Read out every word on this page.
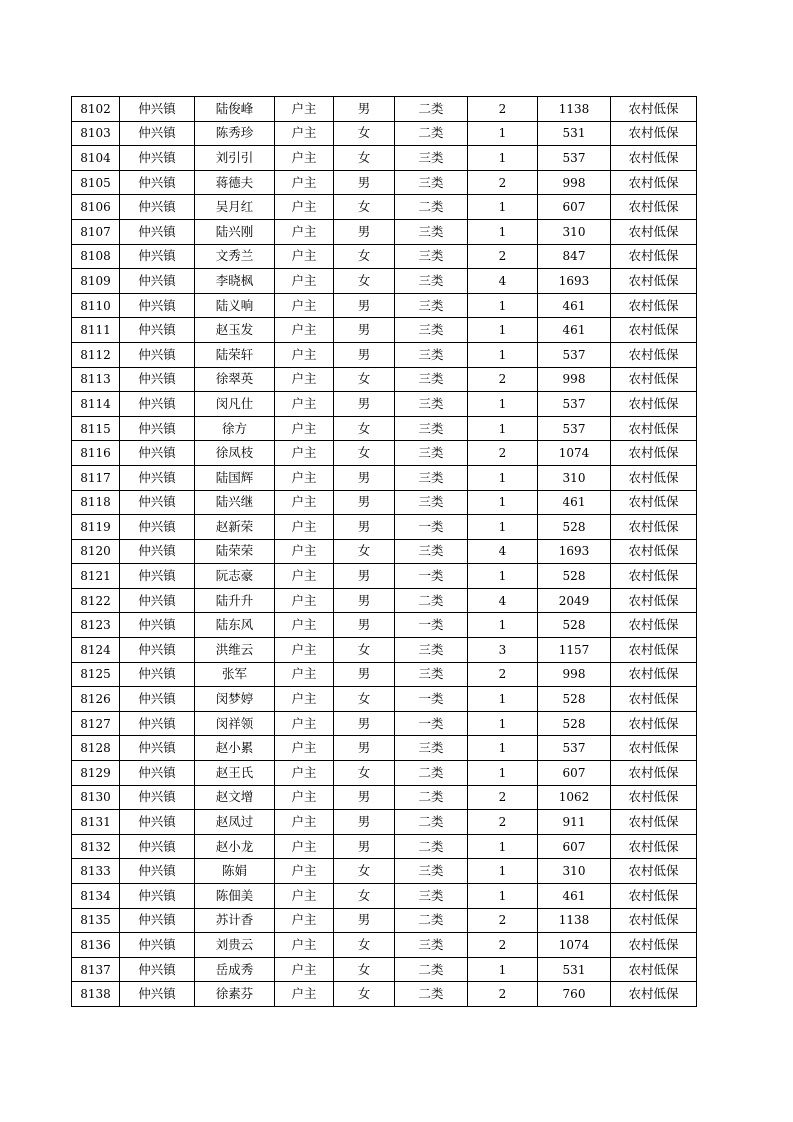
8102	仲兴镇	陆俊峰	户主	男	二类	2	1138	农村低保
8103	仲兴镇	陈秀珍	户主	女	二类	1	531	农村低保
8104	仲兴镇	刘引引	户主	女	三类	1	537	农村低保
8105	仲兴镇	蒋德夫	户主	男	三类	2	998	农村低保
8106	仲兴镇	吴月红	户主	女	二类	1	607	农村低保
8107	仲兴镇	陆兴刚	户主	男	三类	1	310	农村低保
8108	仲兴镇	文秀兰	户主	女	三类	2	847	农村低保
8109	仲兴镇	李晓枫	户主	女	三类	4	1693	农村低保
8110	仲兴镇	陆义响	户主	男	三类	1	461	农村低保
8111	仲兴镇	赵玉发	户主	男	三类	1	461	农村低保
8112	仲兴镇	陆荣轩	户主	男	三类	1	537	农村低保
8113	仲兴镇	徐翠英	户主	女	三类	2	998	农村低保
8114	仲兴镇	闵凡仕	户主	男	三类	1	537	农村低保
8115	仲兴镇	徐方	户主	女	三类	1	537	农村低保
8116	仲兴镇	徐凤枝	户主	女	三类	2	1074	农村低保
8117	仲兴镇	陆国辉	户主	男	三类	1	310	农村低保
8118	仲兴镇	陆兴继	户主	男	三类	1	461	农村低保
8119	仲兴镇	赵新荣	户主	男	一类	1	528	农村低保
8120	仲兴镇	陆荣荣	户主	女	三类	4	1693	农村低保
8121	仲兴镇	阮志豪	户主	男	一类	1	528	农村低保
8122	仲兴镇	陆升升	户主	男	二类	4	2049	农村低保
8123	仲兴镇	陆东风	户主	男	一类	1	528	农村低保
8124	仲兴镇	洪维云	户主	女	三类	3	1157	农村低保
8125	仲兴镇	张军	户主	男	三类	2	998	农村低保
8126	仲兴镇	闵梦婷	户主	女	一类	1	528	农村低保
8127	仲兴镇	闵祥领	户主	男	一类	1	528	农村低保
8128	仲兴镇	赵小累	户主	男	三类	1	537	农村低保
8129	仲兴镇	赵王氏	户主	女	二类	1	607	农村低保
8130	仲兴镇	赵文增	户主	男	二类	2	1062	农村低保
8131	仲兴镇	赵凤过	户主	男	二类	2	911	农村低保
8132	仲兴镇	赵小龙	户主	男	二类	1	607	农村低保
8133	仲兴镇	陈娟	户主	女	三类	1	310	农村低保
8134	仲兴镇	陈佃美	户主	女	三类	1	461	农村低保
8135	仲兴镇	苏计香	户主	男	二类	2	1138	农村低保
8136	仲兴镇	刘贵云	户主	女	三类	2	1074	农村低保
8137	仲兴镇	岳成秀	户主	女	二类	1	531	农村低保
8138	仲兴镇	徐素芬	户主	女	二类	2	760	农村低保
